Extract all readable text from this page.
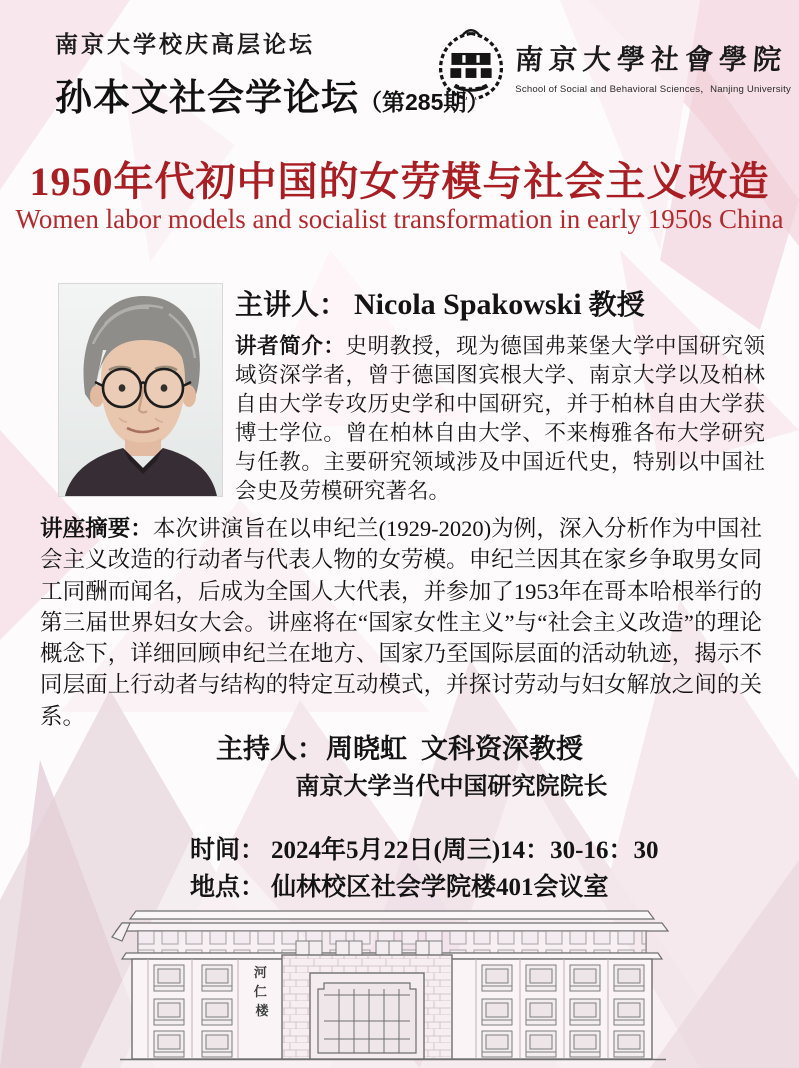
南京大学校庆高层论坛
孙本文社会学论坛（第285期）
南京大學社會學院
School of Social and Behavioral Sciences，Nanjing University
1950年代初中国的女劳模与社会主义改造
Women labor models and socialist transformation in early 1950s China
主讲人： Nicola Spakowski 教授
讲者简介：史明教授，现为德国弗莱堡大学中国研究领域资深学者，曾于德国图宾根大学、南京大学以及柏林自由大学专攻历史学和中国研究，并于柏林自由大学获博士学位。曾在柏林自由大学、不来梅雅各布大学研究与任教。主要研究领域涉及中国近代史，特别以中国社会史及劳模研究著名。
讲座摘要：本次讲演旨在以申纪兰(1929-2020)为例，深入分析作为中国社会主义改造的行动者与代表人物的女劳模。申纪兰因其在家乡争取男女同工同酬而闻名，后成为全国人大代表，并参加了1953年在哥本哈根举行的第三届世界妇女大会。讲座将在“国家女性主义”与“社会主义改造”的理论概念下，详细回顾申纪兰在地方、国家乃至国际层面的活动轨迹，揭示不同层面上行动者与结构的特定互动模式，并探讨劳动与妇女解放之间的关系。
主持人：周晓虹 文科资深教授
南京大学当代中国研究院院长
时间： 2024年5月22日(周三)14：30-16：30
地点： 仙林校区社会学院楼401会议室
河 仁 楼
